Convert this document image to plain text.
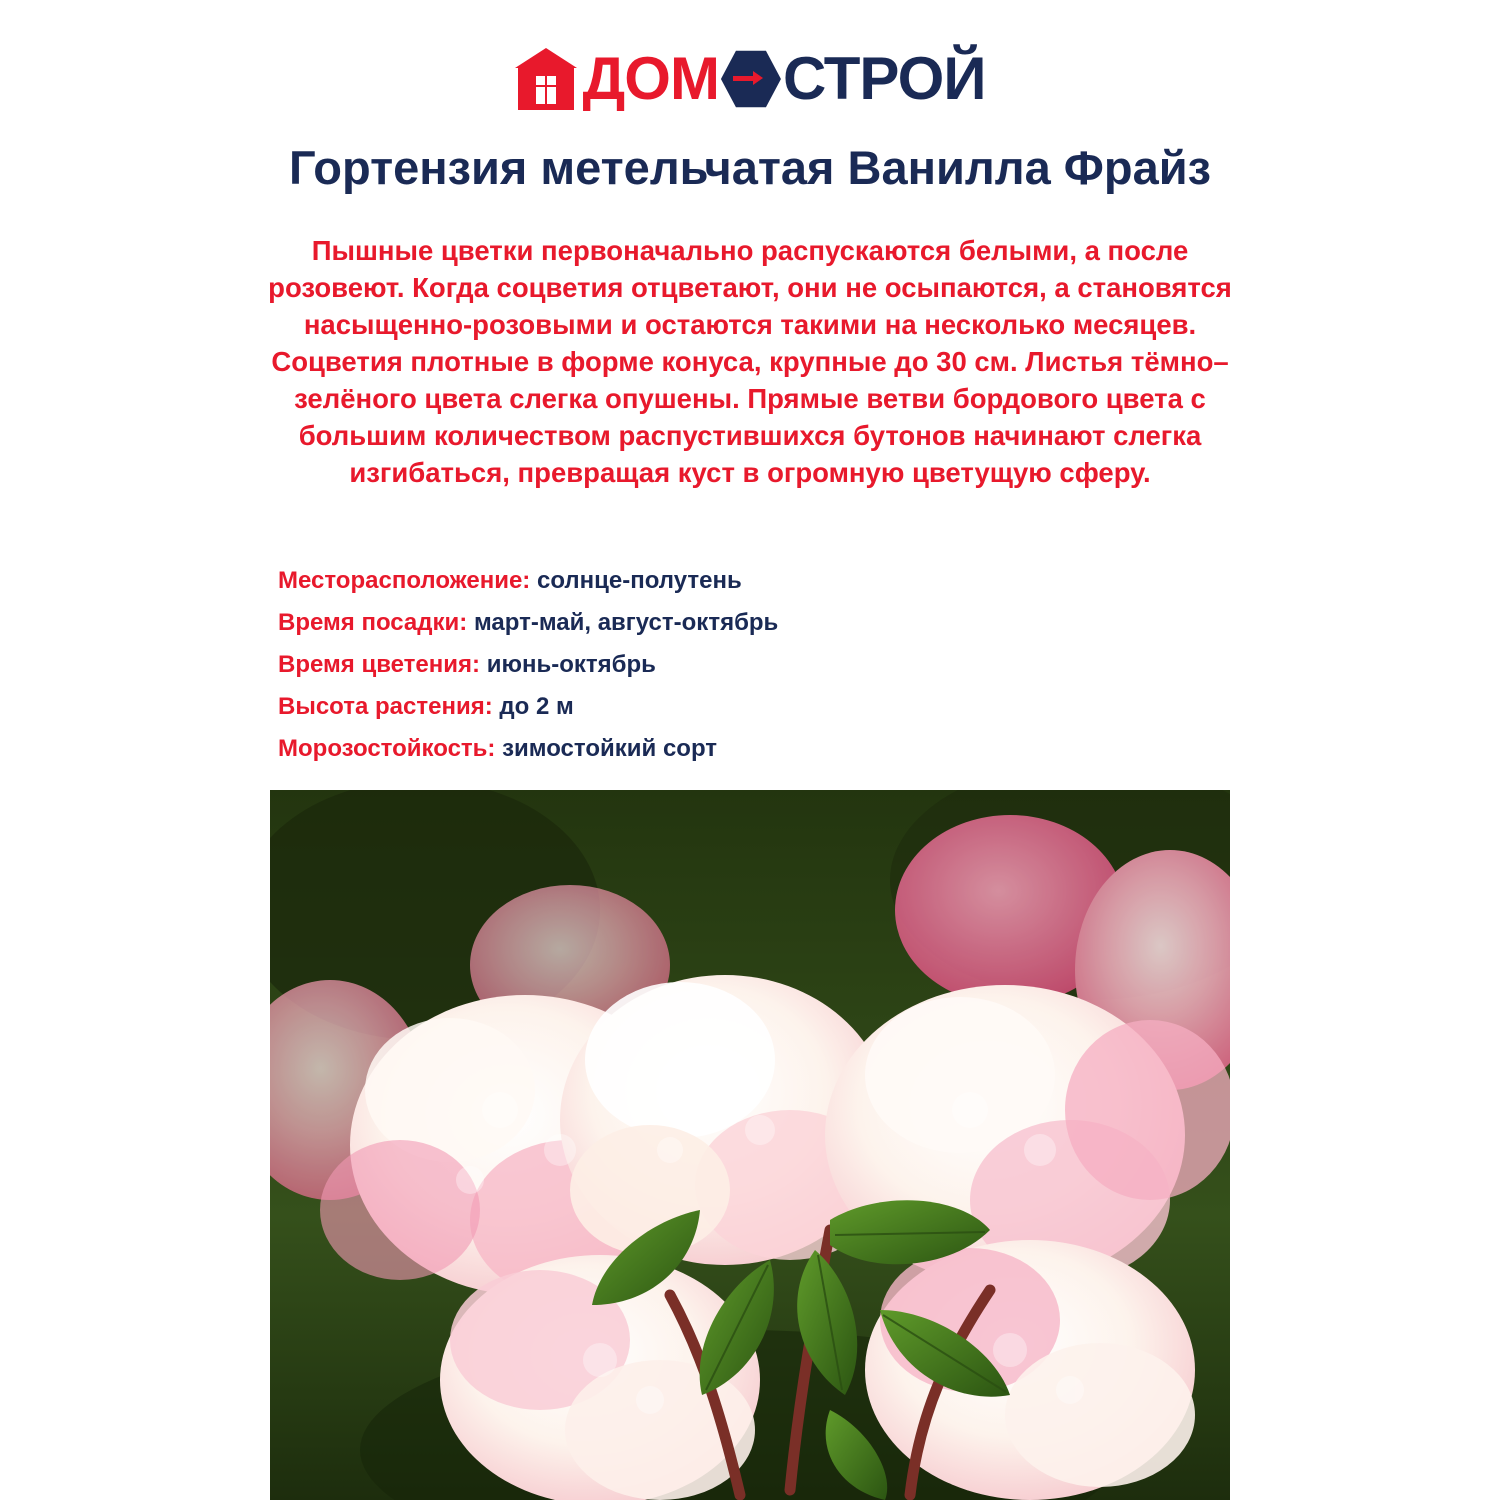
ДОМ СТРОЙ
Гортензия метельчатая Ванилла Фрайз
Пышные цветки первоначально распускаются белыми, а после розовеют. Когда соцветия отцветают, они не осыпаются, а становятся насыщенно-розовыми и остаются такими на несколько месяцев. Соцветия плотные в форме конуса, крупные до 30 см. Листья тёмно–зелёного цвета слегка опушены. Прямые ветви бордового цвета с большим количеством распустившихся бутонов начинают слегка изгибаться, превращая куст в огромную цветущую сферу.
Месторасположение: солнце-полутень
Время посадки: март-май, август-октябрь
Время цветения: июнь-октябрь
Высота растения: до 2 м
Морозостойкость: зимостойкий сорт
